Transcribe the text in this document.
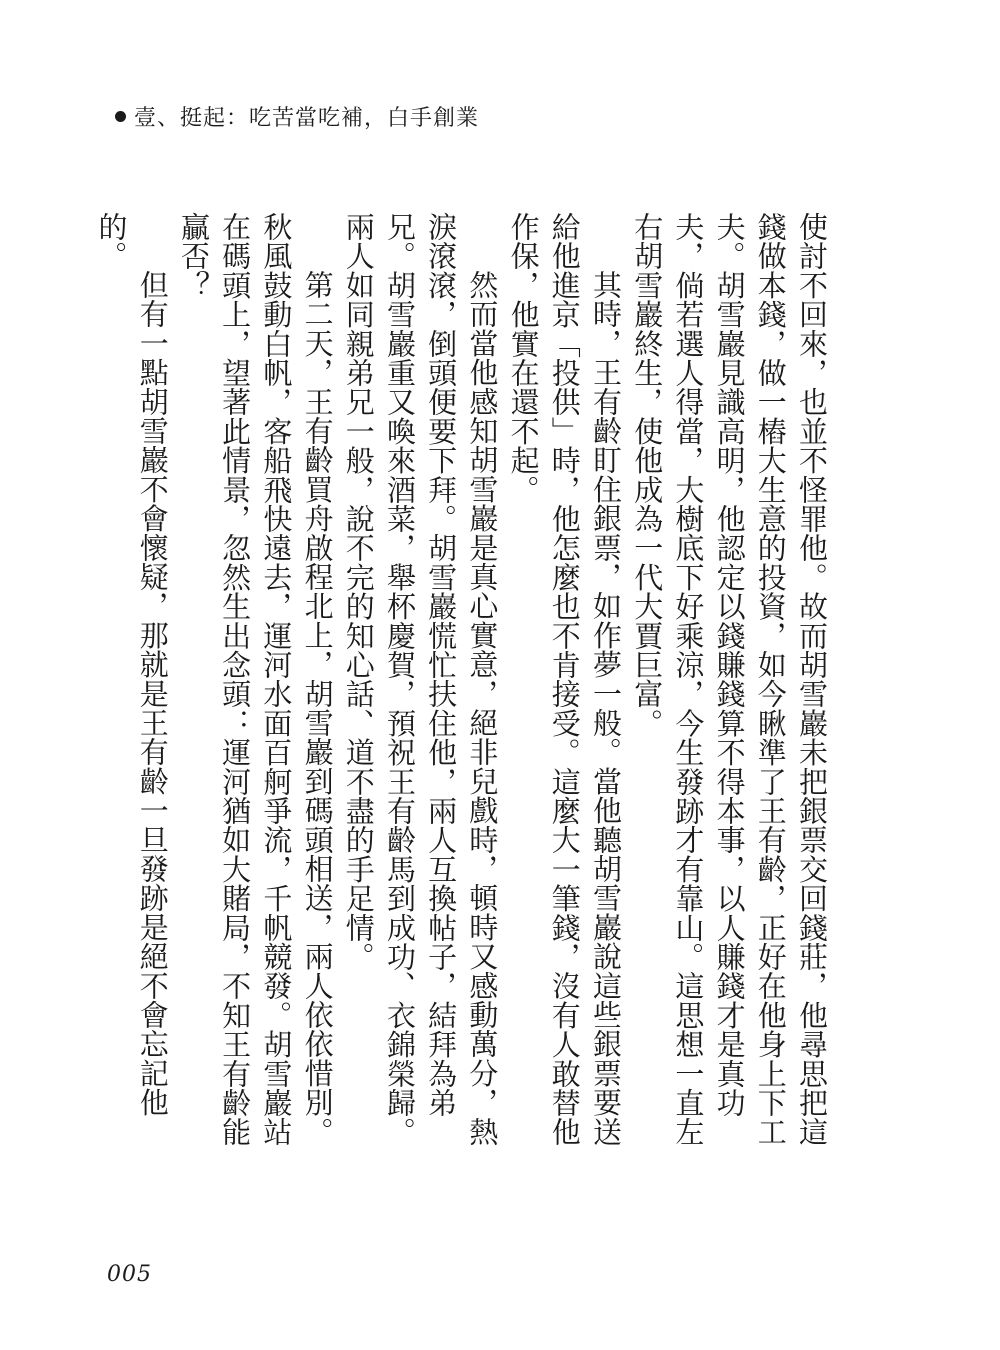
壹、挺起：吃苦當吃補，白手創業

使討不回來，也並不怪罪他。故而胡雪巖未把銀票交回錢莊，他尋思把這錢做本錢，做一樁大生意的投資，如今瞅準了王有齡，正好在他身上下工夫。胡雪巖見識高明，他認定以錢賺錢算不得本事，以人賺錢才是真功夫，倘若選人得當，大樹底下好乘涼，今生發跡才有靠山。這思想一直左右胡雪巖終生，使他成為一代大賈巨富。

其時，王有齡盯住銀票，如作夢一般。當他聽胡雪巖說這些銀票要送給他進京「投供」時，他怎麼也不肯接受。這麼大一筆錢，沒有人敢替他作保，他實在還不起。

然而當他感知胡雪巖是真心實意，絕非兒戲時，頓時又感動萬分，熱淚滾滾，倒頭便要下拜。胡雪巖慌忙扶住他，兩人互換帖子，結拜為弟兄。胡雪巖重又喚來酒菜，舉杯慶賀，預祝王有齡馬到成功、衣錦榮歸。兩人如同親弟兄一般，說不完的知心話、道不盡的手足情。

第二天，王有齡買舟啟程北上，胡雪巖到碼頭相送，兩人依依惜別。秋風鼓動白帆，客船飛快遠去，運河水面百舸爭流，千帆競發。胡雪巖站在碼頭上，望著此情景，忽然生出念頭：運河猶如大賭局，不知王有齡能贏否？

但有一點胡雪巖不會懷疑，那就是王有齡一旦發跡是絕不會忘記他的。

005
